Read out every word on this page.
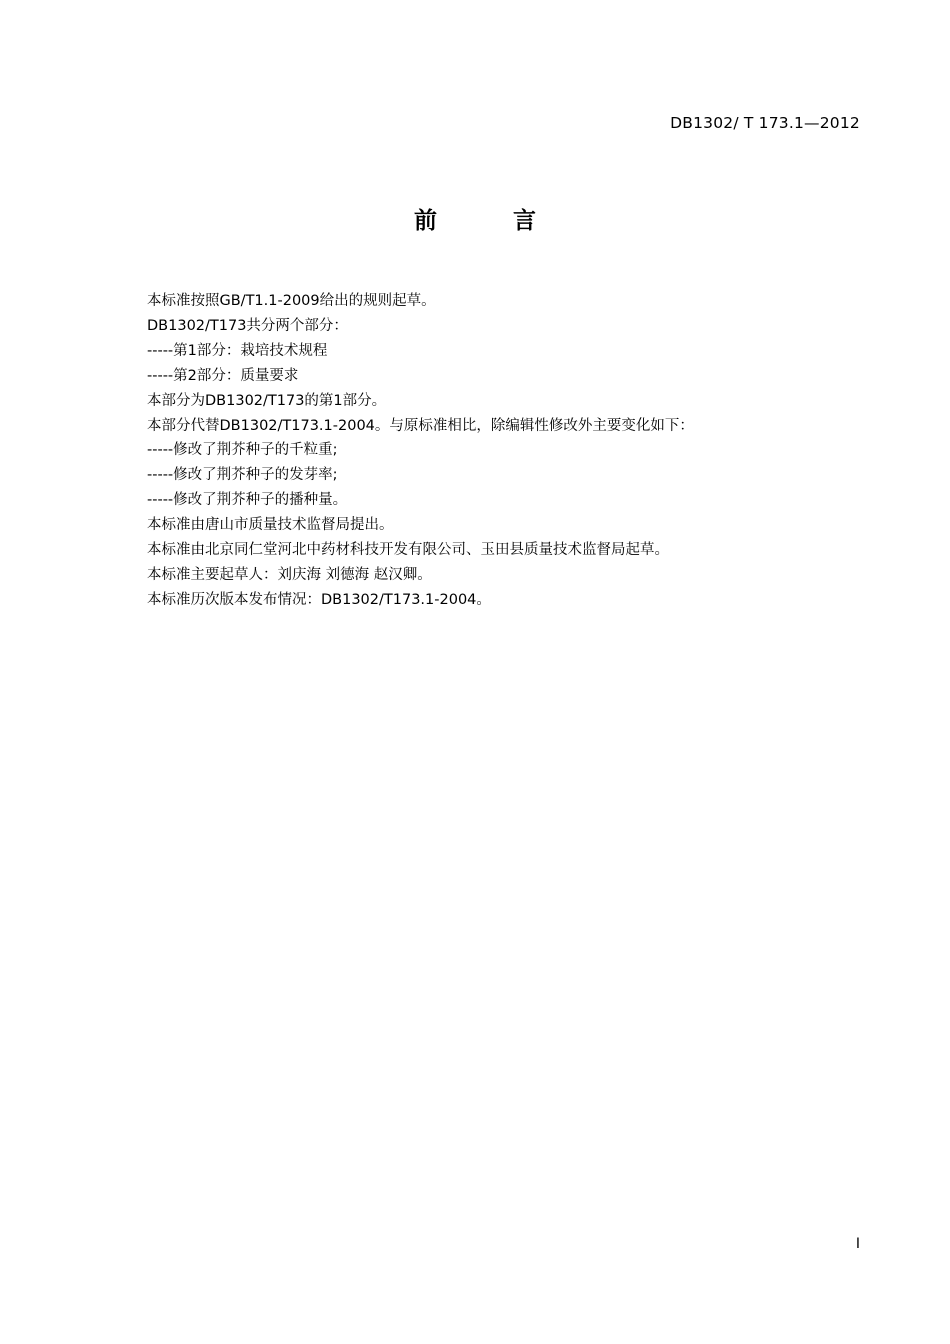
DB1302/ T 173.1—2012
前 言
本标准按照GB/T1.1-2009给出的规则起草。
DB1302/T173共分两个部分：
-----第1部分：栽培技术规程
-----第2部分：质量要求
本部分为DB1302/T173的第1部分。
本部分代替DB1302/T173.1-2004。与原标准相比，除编辑性修改外主要变化如下：
-----修改了荆芥种子的千粒重;
-----修改了荆芥种子的发芽率;
-----修改了荆芥种子的播种量。
本标准由唐山市质量技术监督局提出。
本标准由北京同仁堂河北中药材科技开发有限公司、玉田县质量技术监督局起草。
本标准主要起草人：刘庆海 刘德海 赵汉卿。
本标准历次版本发布情况：DB1302/T173.1-2004。
I
